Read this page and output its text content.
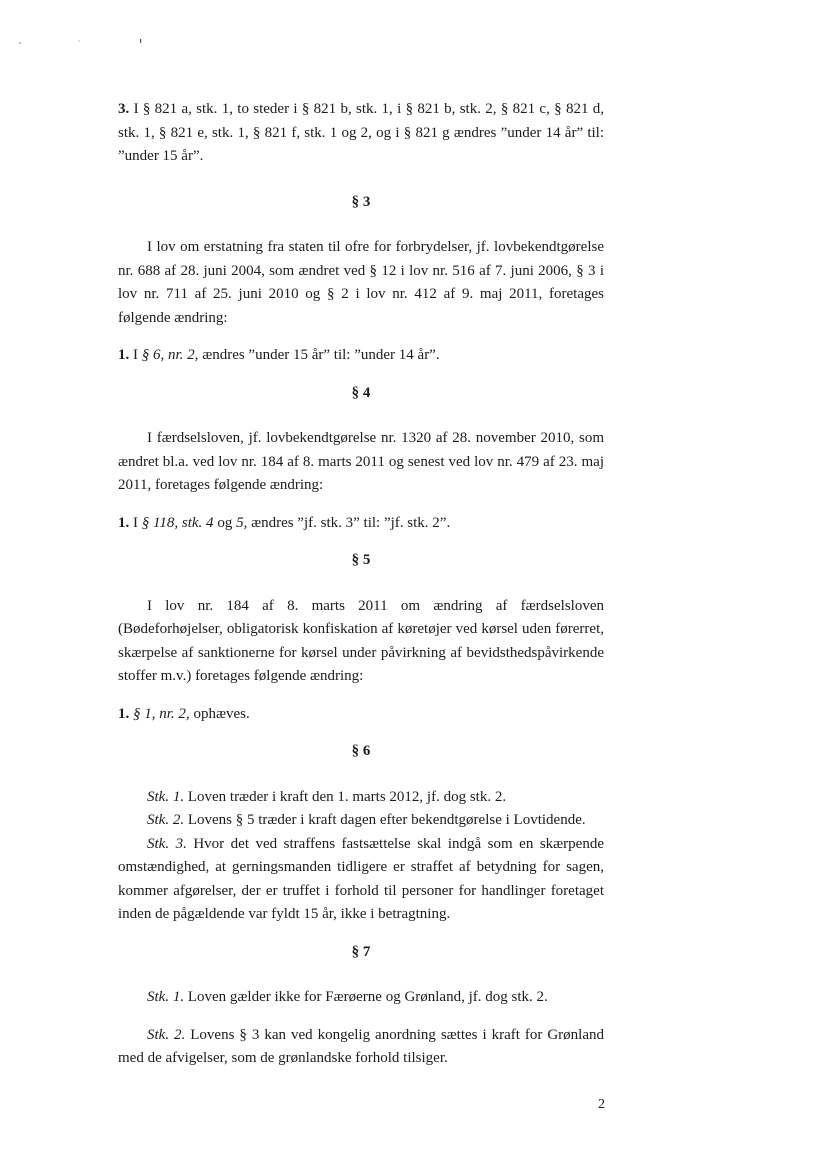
3. I § 821 a, stk. 1, to steder i § 821 b, stk. 1, i § 821 b, stk. 2, § 821 c, § 821 d, stk. 1, § 821 e, stk. 1, § 821 f, stk. 1 og 2, og i § 821 g ændres ”under 14 år” til: ”under 15 år”.

§ 3

I lov om erstatning fra staten til ofre for forbrydelser, jf. lovbekendtgørelse nr. 688 af 28. juni 2004, som ændret ved § 12 i lov nr. 516 af 7. juni 2006, § 3 i lov nr. 711 af 25. juni 2010 og § 2 i lov nr. 412 af 9. maj 2011, foretages følgende ændring:

1. I § 6, nr. 2, ændres ”under 15 år” til: ”under 14 år”.

§ 4

I færdselsloven, jf. lovbekendtgørelse nr. 1320 af 28. november 2010, som ændret bl.a. ved lov nr. 184 af 8. marts 2011 og senest ved lov nr. 479 af 23. maj 2011, foretages følgende ændring:

1. I § 118, stk. 4 og 5, ændres ”jf. stk. 3” til: ”jf. stk. 2”.

§ 5

I lov nr. 184 af 8. marts 2011 om ændring af færdselsloven (Bødeforhøjelser, obligatorisk konfiskation af køretøjer ved kørsel uden førerret, skærpelse af sanktionerne for kørsel under påvirkning af bevidsthedspåvirkende stoffer m.v.) foretages følgende ændring:

1. § 1, nr. 2, ophæves.

§ 6

Stk. 1. Loven træder i kraft den 1. marts 2012, jf. dog stk. 2.

Stk. 2. Lovens § 5 træder i kraft dagen efter bekendtgørelse i Lovtidende.

Stk. 3. Hvor det ved straffens fastsættelse skal indgå som en skærpende omstændighed, at gerningsmanden tidligere er straffet af betydning for sagen, kommer afgørelser, der er truffet i forhold til personer for handlinger foretaget inden de pågældende var fyldt 15 år, ikke i betragtning.

§ 7

Stk. 1. Loven gælder ikke for Færøerne og Grønland, jf. dog stk. 2.

Stk. 2. Lovens § 3 kan ved kongelig anordning sættes i kraft for Grønland med de afvigelser, som de grønlandske forhold tilsiger.

2
